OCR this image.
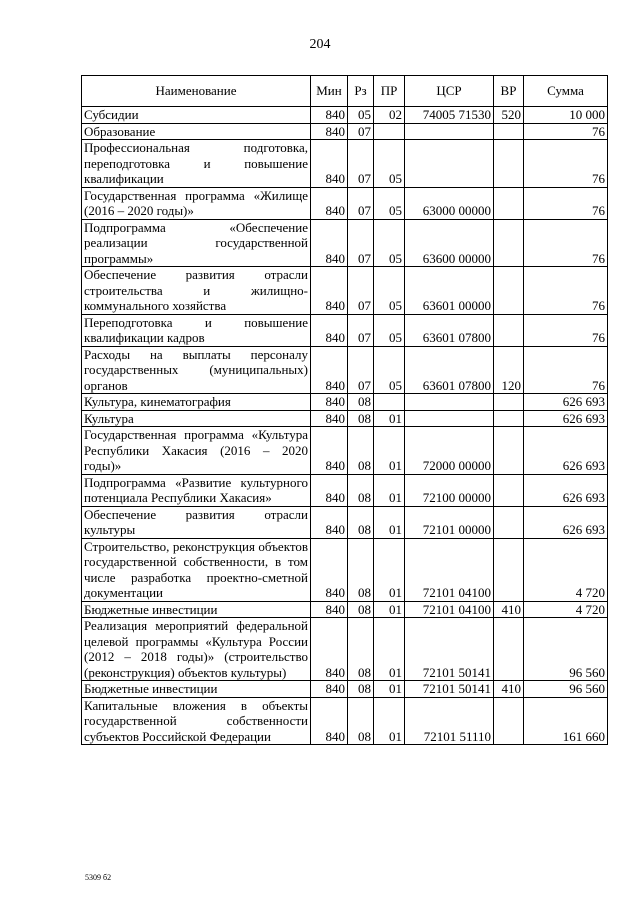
204
Наименование	Мин	Рз	ПР	ЦСР	ВР	Сумма
Субсидии	840	05	02	74005 71530	520	10 000
Образование	840	07				76
Профессиональная подготовка, переподготовка и повышение квалификации	840	07	05			76
Государственная программа «Жилище (2016 – 2020 годы)»	840	07	05	63000 00000		76
Подпрограмма «Обеспечение реализации государственной программы»	840	07	05	63600 00000		76
Обеспечение развития отрасли строительства и жилищно-коммунального хозяйства	840	07	05	63601 00000		76
Переподготовка и повышение квалификации кадров	840	07	05	63601 07800		76
Расходы на выплаты персоналу государственных (муниципальных) органов	840	07	05	63601 07800	120	76
Культура, кинематография	840	08				626 693
Культура	840	08	01			626 693
Государственная программа «Культура Республики Хакасия (2016 – 2020 годы)»	840	08	01	72000 00000		626 693
Подпрограмма «Развитие культурного потенциала Республики Хакасия»	840	08	01	72100 00000		626 693
Обеспечение развития отрасли культуры	840	08	01	72101 00000		626 693
Строительство, реконструкция объектов государственной собственности, в том числе разработка проектно-сметной документации	840	08	01	72101 04100		4 720
Бюджетные инвестиции	840	08	01	72101 04100	410	4 720
Реализация мероприятий федеральной целевой программы «Культура России (2012 – 2018 годы)» (строительство (реконструкция) объектов культуры)	840	08	01	72101 50141		96 560
Бюджетные инвестиции	840	08	01	72101 50141	410	96 560
Капитальные вложения в объекты государственной собственности субъектов Российской Федерации	840	08	01	72101 51110		161 660
5309 б2
